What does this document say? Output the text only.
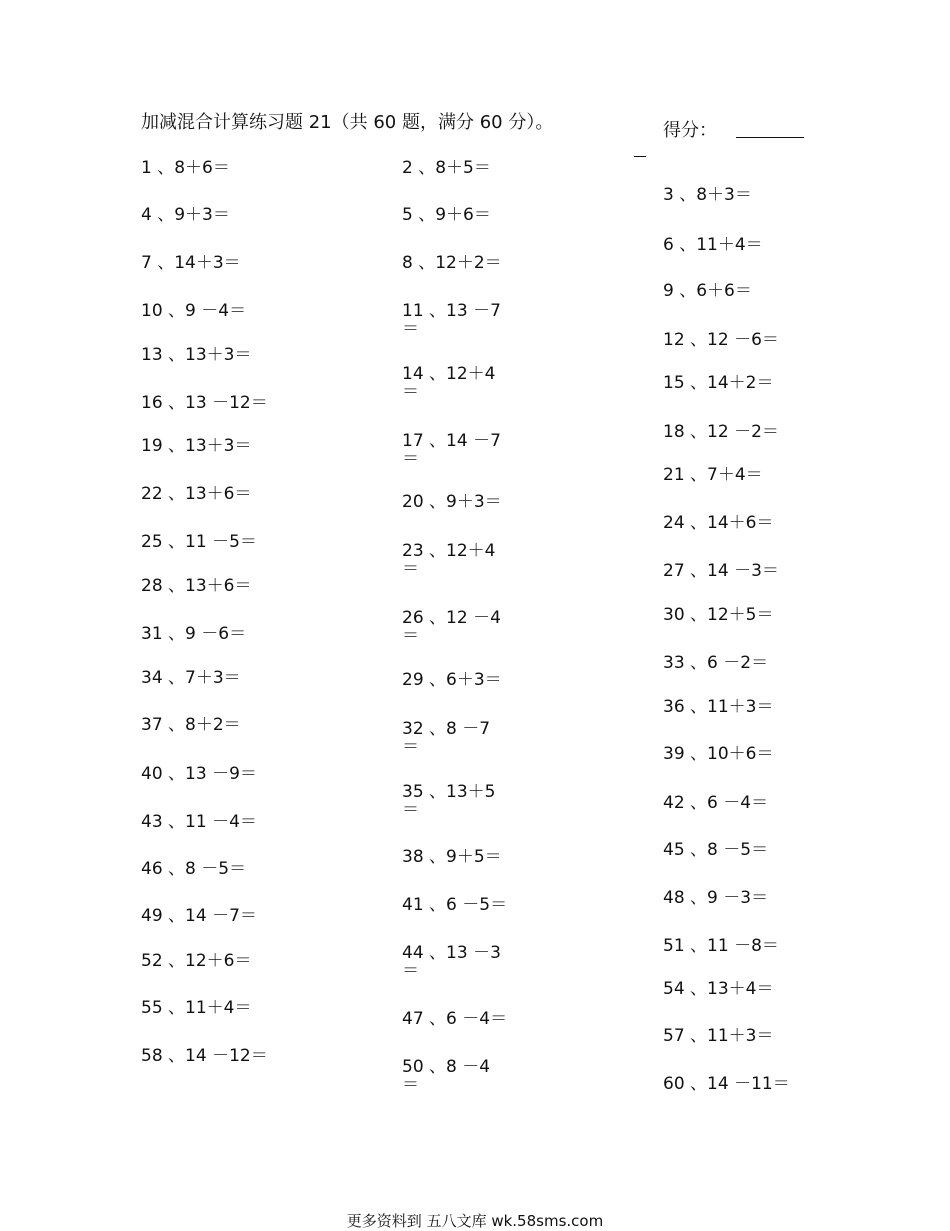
加减混合计算练习题 21（共 60 题，满分 60 分）。	得分：
1 、8＋6＝
4 、9＋3＝
7 、14＋3＝
10 、9 －4＝
13 、13＋3＝
16 、13 －12＝
19 、13＋3＝
22 、13＋6＝
25 、11 －5＝
28 、13＋6＝
31 、9 －6＝
34 、7＋3＝
37 、8＋2＝
40 、13 －9＝
43 、11 －4＝
46 、8 －5＝
49 、14 －7＝
52 、12＋6＝
55 、11＋4＝
58 、14 －12＝
2 、8＋5＝
5 、9＋6＝
8 、12＋2＝
11 、13 －7
＝
14 、12＋4
＝
17 、14 －7
＝
20 、9＋3＝
23 、12＋4
＝
26 、12 －4
＝
29 、6＋3＝
32 、8 －7
＝
35 、13＋5
＝
38 、9＋5＝
41 、6 －5＝
44 、13 －3
＝
47 、6 －4＝
50 、8 －4
＝
3 、8＋3＝
6 、11＋4＝
9 、6＋6＝
12 、12 －6＝
15 、14＋2＝
18 、12 －2＝
21 、7＋4＝
24 、14＋6＝
27 、14 －3＝
30 、12＋5＝
33 、6 －2＝
36 、11＋3＝
39 、10＋6＝
42 、6 －4＝
45 、8 －5＝
48 、9 －3＝
51 、11 －8＝
54 、13＋4＝
57 、11＋3＝
60 、14 －11＝
更多资料到 五八文库 wk.58sms.com
